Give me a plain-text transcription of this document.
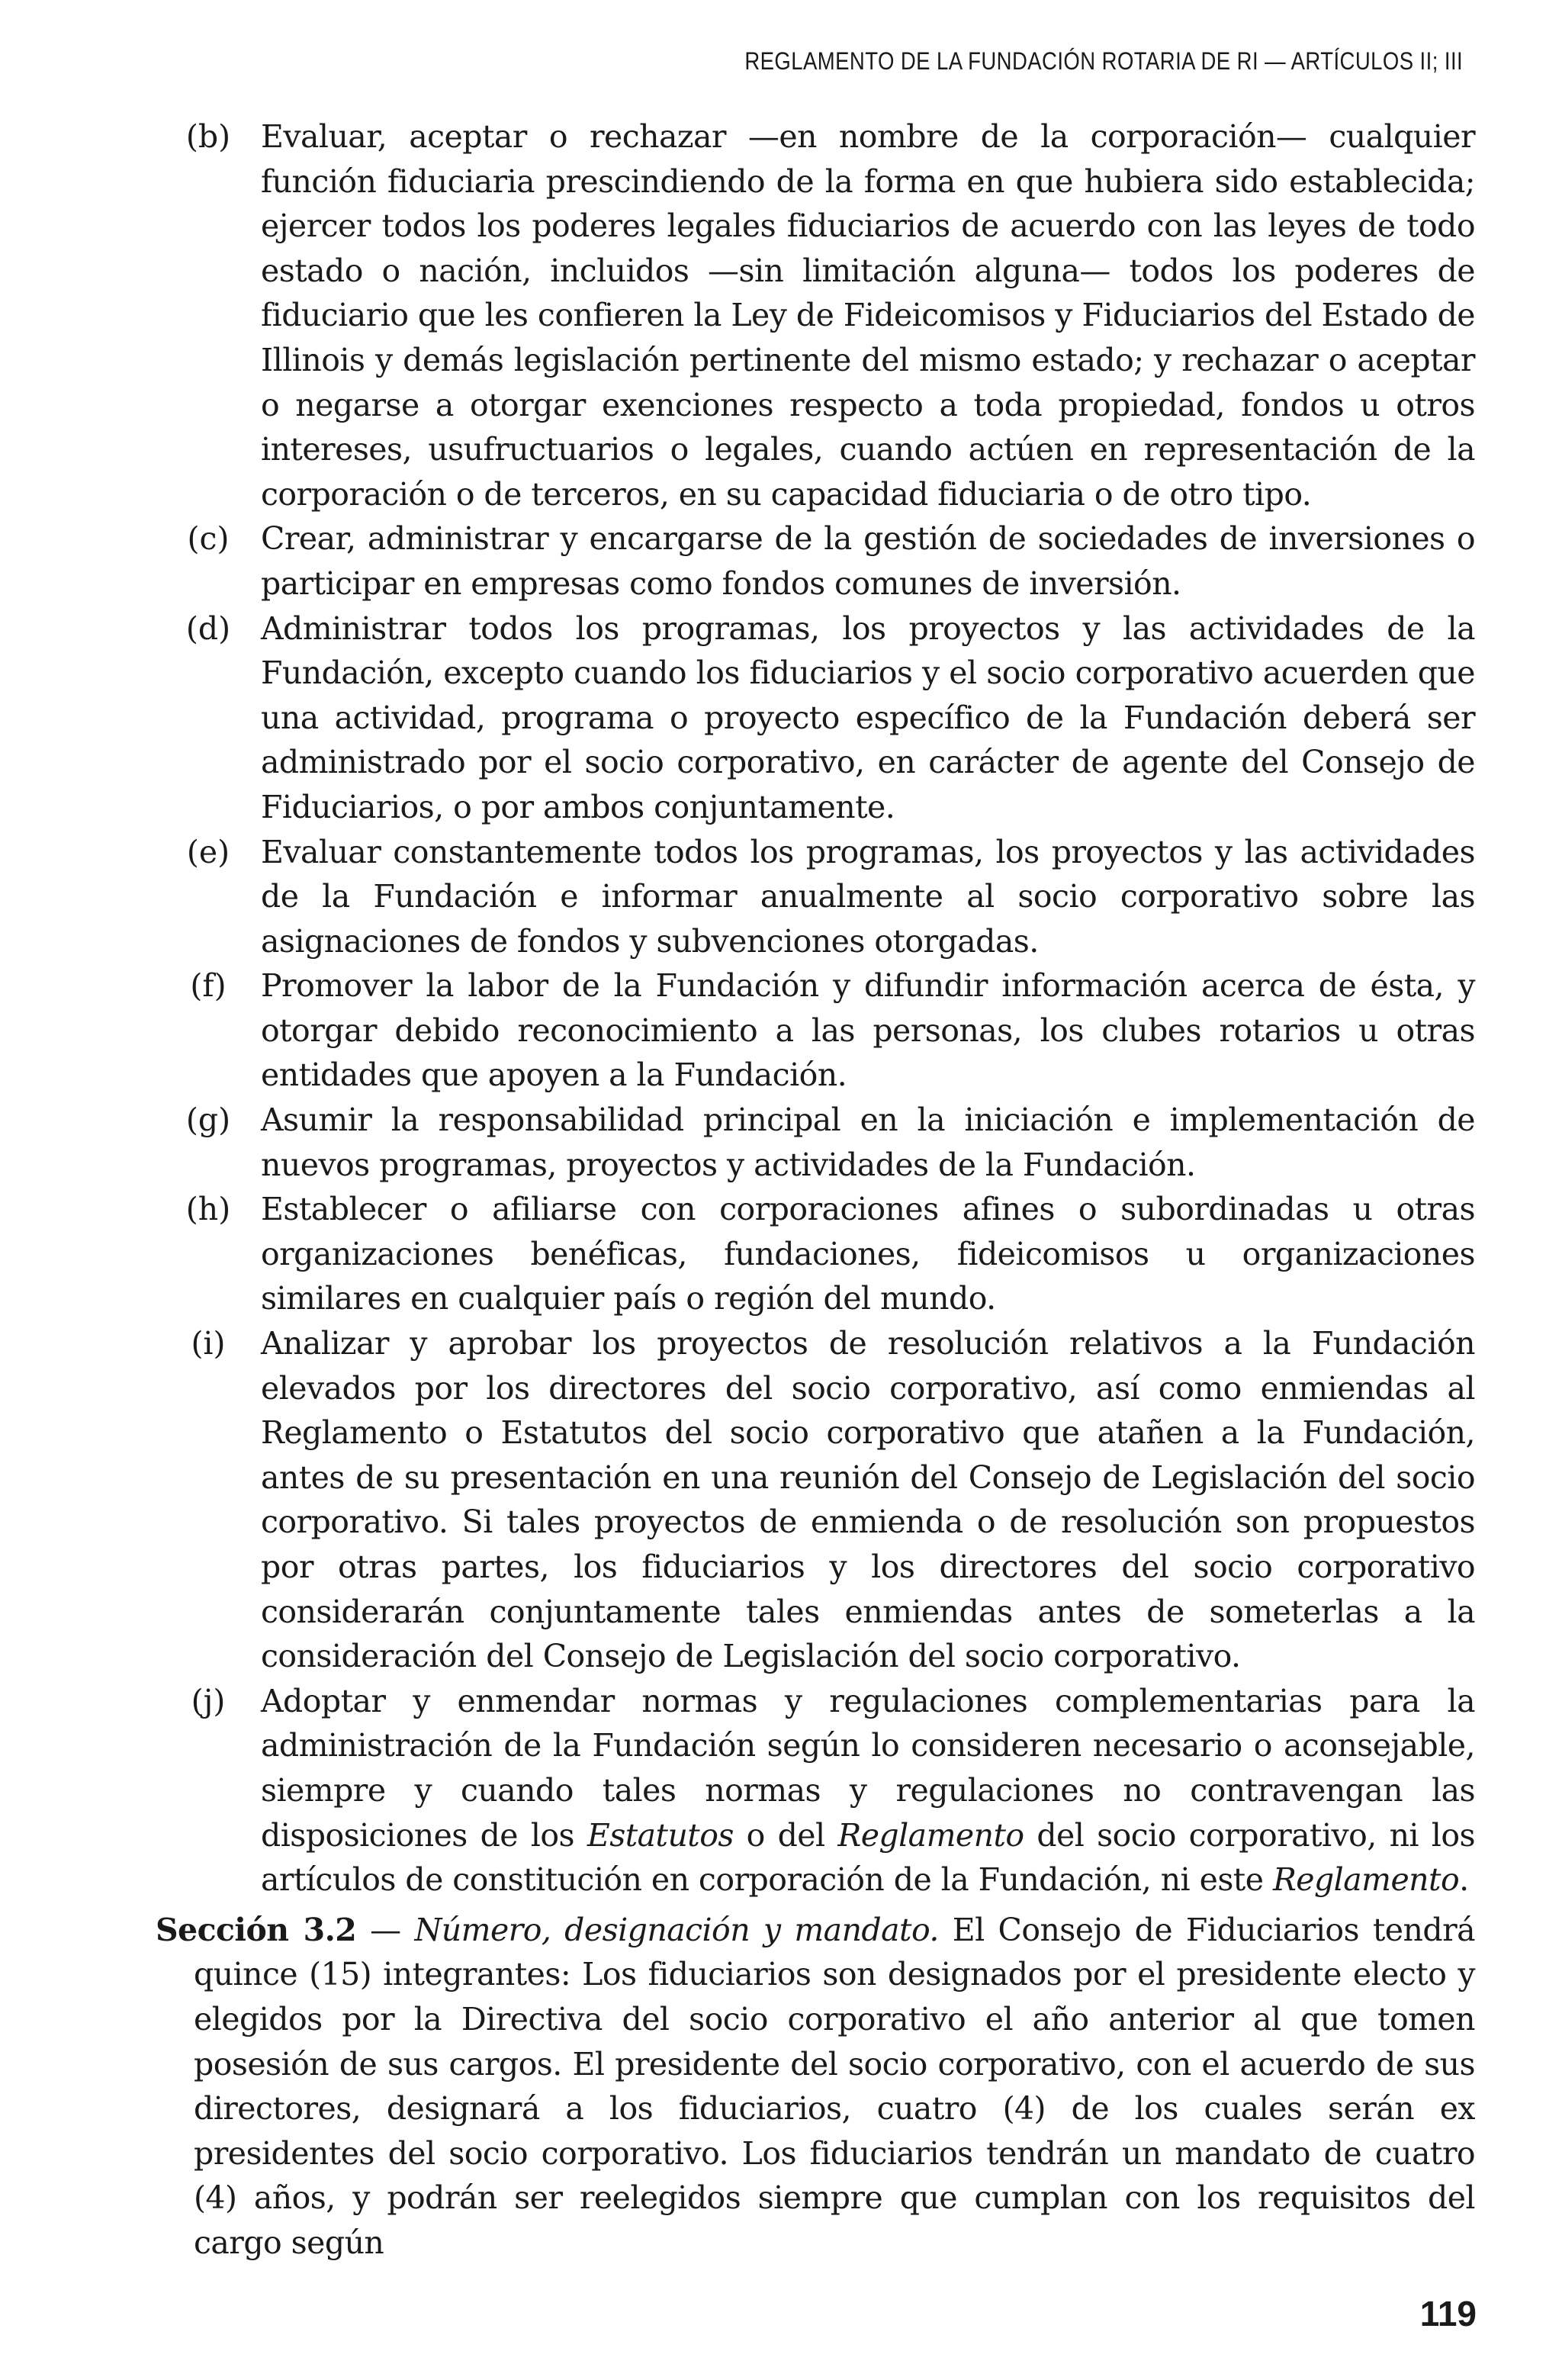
REGLAMENTO DE LA FUNDACIÓN ROTARIA DE RI — ARTÍCULOS II; III
(b) Evaluar, aceptar o rechazar —en nombre de la corporación— cualquier función fiduciaria prescindiendo de la forma en que hubiera sido establecida; ejercer todos los poderes legales fiduciarios de acuerdo con las leyes de todo estado o nación, incluidos —sin limitación alguna— todos los poderes de fiduciario que les confieren la Ley de Fideicomisos y Fiduciarios del Estado de Illinois y demás legislación pertinente del mismo estado; y rechazar o aceptar o negarse a otorgar exenciones respecto a toda propiedad, fondos u otros intereses, usufructuarios o legales, cuando actúen en representación de la corporación o de terceros, en su capacidad fiduciaria o de otro tipo.
(c)	Crear, administrar y encargarse de la gestión de sociedades de inversiones o participar en empresas como fondos comunes de inversión.
(d) Administrar todos los programas, los proyectos y las actividades de la Fundación, excepto cuando los fiduciarios y el socio corporativo acuerden que una actividad, programa o proyecto específico de la Fundación deberá ser administrado por el socio corporativo, en carácter de agente del Consejo de Fiduciarios, o por ambos conjuntamente.
(e) Evaluar constantemente todos los programas, los proyectos y las actividades de la Fundación e informar anualmente al socio corporativo sobre las asignaciones de fondos y subvenciones otorgadas.
(f)	Promover la labor de la Fundación y difundir información acerca de ésta, y otorgar debido reconocimiento a las personas, los clubes rotarios u otras entidades que apoyen a la Fundación.
(g) Asumir la responsabilidad principal en la iniciación e implementación de nuevos programas, proyectos y actividades de la Fundación.
(h) Establecer o afiliarse con corporaciones afines o subordinadas u otras organizaciones benéficas, fundaciones, fideicomisos u organizaciones similares en cualquier país o región del mundo.
(i)	Analizar y aprobar los proyectos de resolución relativos a la Fundación elevados por los directores del socio corporativo, así como enmiendas al Reglamento o Estatutos del socio corporativo que atañen a la Fundación, antes de su presentación en una reunión del Consejo de Legislación del socio corporativo. Si tales proyectos de enmienda o de resolución son propuestos por otras partes, los fiduciarios y los directores del socio corporativo considerarán conjuntamente tales enmiendas antes de someterlas a la consideración del Consejo de Legislación del socio corporativo.
(j)	Adoptar y enmendar normas y regulaciones complementarias para la administración de la Fundación según lo consideren necesario o aconsejable, siempre y cuando tales normas y regulaciones no contravengan las disposiciones de los Estatutos o del Reglamento del socio corporativo, ni los artículos de constitución en corporación de la Fundación, ni este Reglamento.

Sección 3.2 — Número, designación y mandato. El Consejo de Fiduciarios tendrá quince (15) integrantes: Los fiduciarios son designados por el presidente electo y elegidos por la Directiva del socio corporativo el año anterior al que tomen posesión de sus cargos. El presidente del socio corporativo, con el acuerdo de sus directores, designará a los fiduciarios, cuatro (4) de los cuales serán ex presidentes del socio corporativo. Los fiduciarios tendrán un mandato de cuatro (4) años, y podrán ser reelegidos siempre que cumplan con los requisitos del cargo según

119
